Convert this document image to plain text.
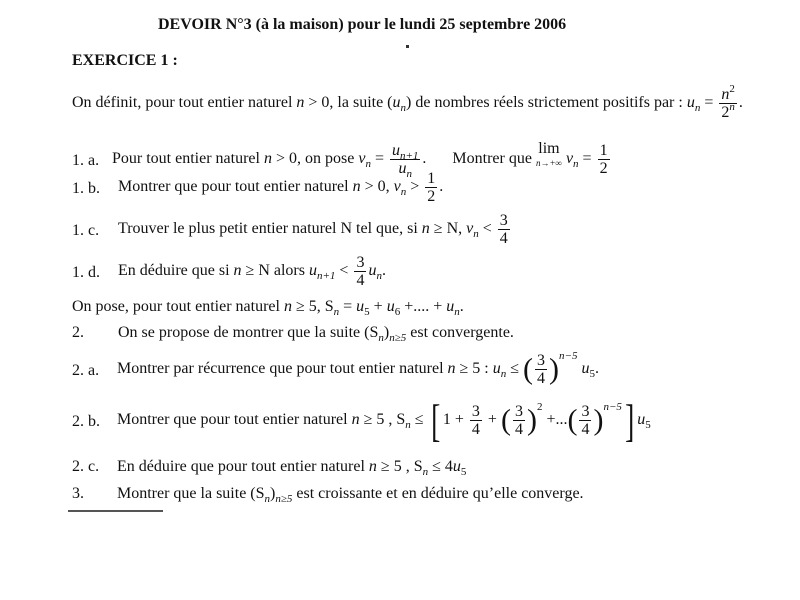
DEVOIR N°3 (à la maison) pour le lundi 25 septembre 2006
EXERCICE 1 :
On définit, pour tout entier naturel n > 0, la suite $(u_n)$ de nombres réels strictement positifs par : $u_n = \frac{n^2}{2^n}$ .
1. a. Pour tout entier naturel n > 0, on pose $v_n = \frac{u_{n+1}}{u_n}$ . Montrer que
lim
n→+∞ $v_n = \frac{1}{2}$
1. b. Montrer que pour tout entier naturel n > 0, $v_n > \frac{1}{2}$ .
1. c. Trouver le plus petit entier naturel N tel que, si n ≥ N, $v_n < \frac{3}{4}$
1. d. En déduire que si n ≥ N alors $u_{n+1} < \frac{3}{4} u_n$.
On pose, pour tout entier naturel n ≥ 5, $S_n = u_5 + u_6$ +.... + $u_n$.
2. On se propose de montrer que la suite $(S_n)_{n\ge 5}$ est convergente.
2. a. Montrer par récurrence que pour tout entier naturel n ≥ 5 : $u_n$ ≤ ( $\frac{3}{4} )^{n-5}$ $u_5$.
2. b. Montrer que pour tout entier naturel n ≥ 5 , $S_n$ ≤ [ $1 + \frac{3}{4}$ + ( $\frac{3}{4} )^2$ +...( $\frac{3}{4} )^{n-5}$] $u_5$
2. c. En déduire que pour tout entier naturel n ≥ 5 , $S_n \le 4u_5$
3. Montrer que la suite $(S_n)_{n\ge 5}$ est croissante et en déduire qu’elle converge.
